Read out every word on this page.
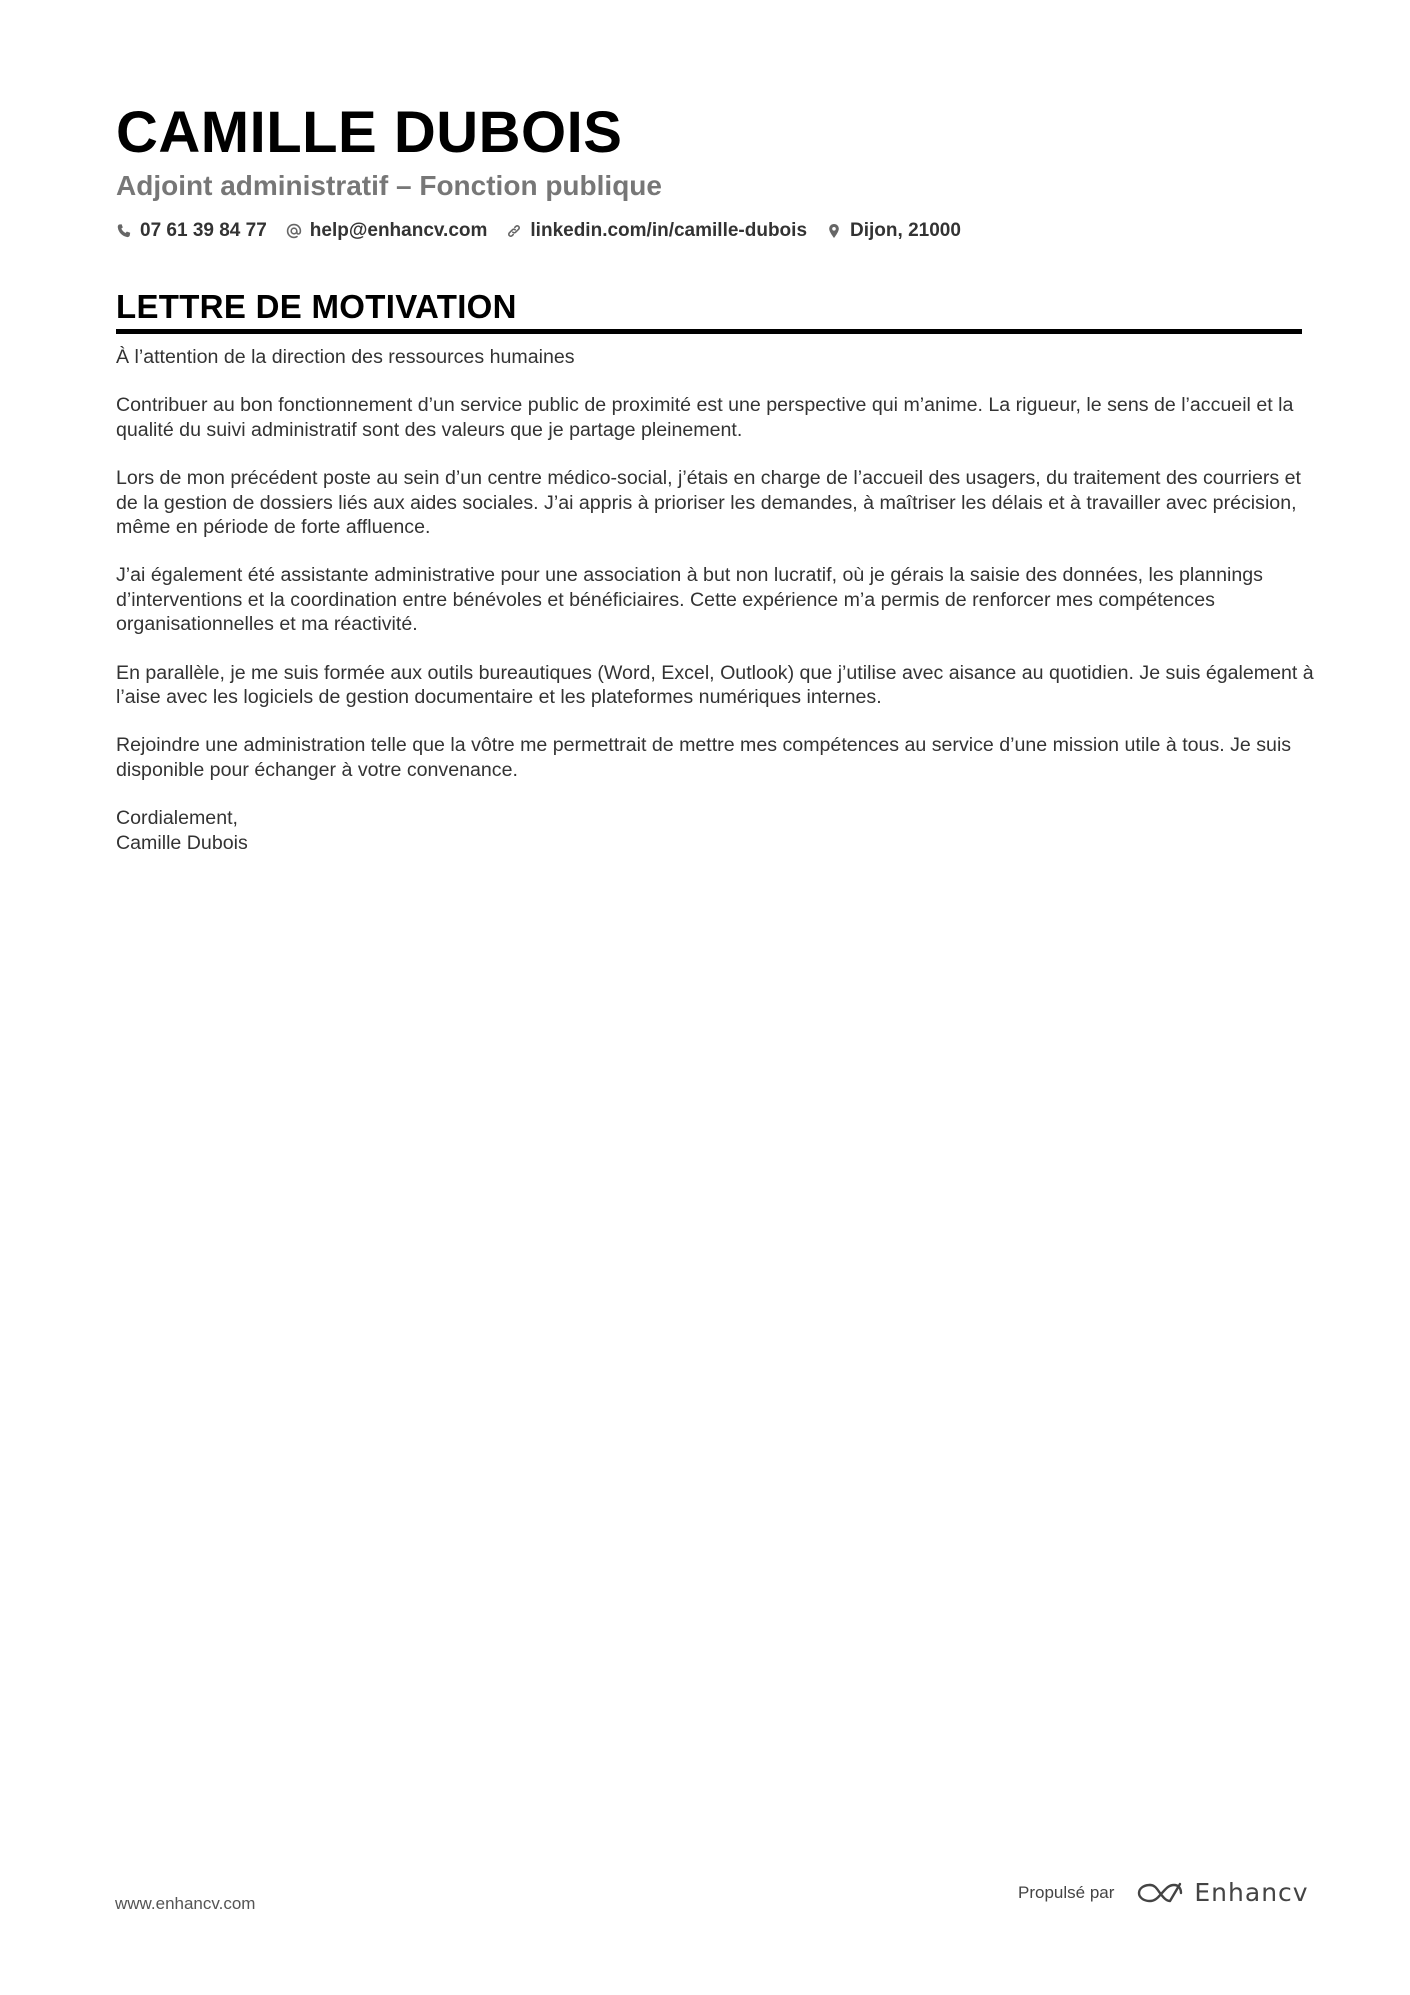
CAMILLE DUBOIS
Adjoint administratif – Fonction publique
07 61 39 84 77 help@enhancv.com linkedin.com/in/camille-dubois Dijon, 21000
LETTRE DE MOTIVATION

À l’attention de la direction des ressources humaines

Contribuer au bon fonctionnement d’un service public de proximité est une perspective qui m’anime. La rigueur, le sens de l’accueil et la qualité du suivi administratif sont des valeurs que je partage pleinement.

Lors de mon précédent poste au sein d’un centre médico-social, j’étais en charge de l’accueil des usagers, du traitement des courriers et de la gestion de dossiers liés aux aides sociales. J’ai appris à prioriser les demandes, à maîtriser les délais et à travailler avec précision, même en période de forte affluence.

J’ai également été assistante administrative pour une association à but non lucratif, où je gérais la saisie des données, les plannings d’interventions et la coordination entre bénévoles et bénéficiaires. Cette expérience m’a permis de renforcer mes compétences organisationnelles et ma réactivité.

En parallèle, je me suis formée aux outils bureautiques (Word, Excel, Outlook) que j’utilise avec aisance au quotidien. Je suis également à l’aise avec les logiciels de gestion documentaire et les plateformes numériques internes.

Rejoindre une administration telle que la vôtre me permettrait de mettre mes compétences au service d’une mission utile à tous. Je suis disponible pour échanger à votre convenance.

Cordialement,
Camille Dubois
www.enhancv.com
Propulsé par	Enhancv
